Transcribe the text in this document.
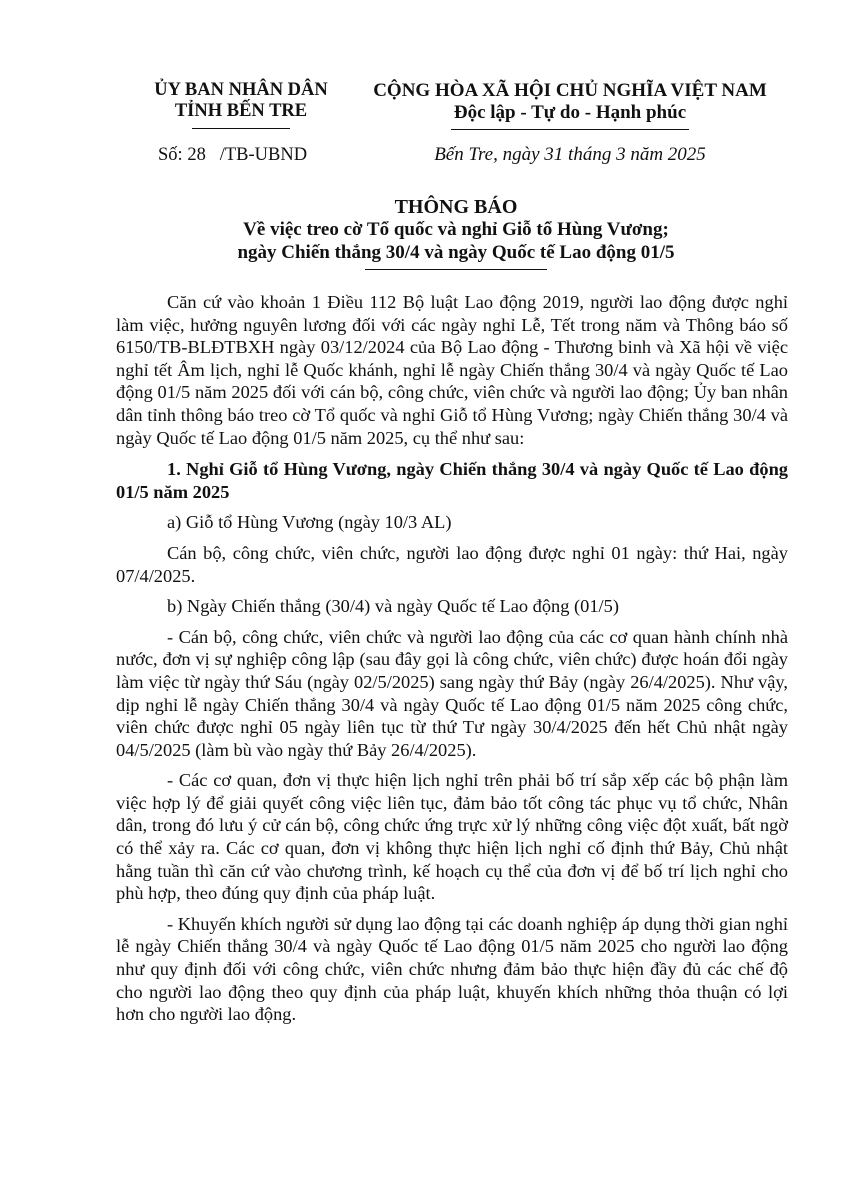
ỦY BAN NHÂN DÂN
TỈNH BẾN TRE
CỘNG HÒA XÃ HỘI CHỦ NGHĨA VIỆT NAM
Độc lập - Tự do - Hạnh phúc
Số: 28 /TB-UBND	Bến Tre, ngày 31 tháng 3 năm 2025
THÔNG BÁO
Về việc treo cờ Tổ quốc và nghỉ Giỗ tổ Hùng Vương;
ngày Chiến thắng 30/4 và ngày Quốc tế Lao động 01/5

Căn cứ vào khoản 1 Điều 112 Bộ luật Lao động 2019, người lao động được nghỉ làm việc, hưởng nguyên lương đối với các ngày nghỉ Lễ, Tết trong năm và Thông báo số 6150/TB-BLĐTBXH ngày 03/12/2024 của Bộ Lao động - Thương binh và Xã hội về việc nghỉ tết Âm lịch, nghỉ lễ Quốc khánh, nghỉ lễ ngày Chiến thắng 30/4 và ngày Quốc tế Lao động 01/5 năm 2025 đối với cán bộ, công chức, viên chức và người lao động; Ủy ban nhân dân tỉnh thông báo treo cờ Tổ quốc và nghỉ Giỗ tổ Hùng Vương; ngày Chiến thắng 30/4 và ngày Quốc tế Lao động 01/5 năm 2025, cụ thể như sau:

1. Nghỉ Giỗ tổ Hùng Vương, ngày Chiến thắng 30/4 và ngày Quốc tế Lao động 01/5 năm 2025

a) Giỗ tổ Hùng Vương (ngày 10/3 AL)

Cán bộ, công chức, viên chức, người lao động được nghỉ 01 ngày: thứ Hai, ngày 07/4/2025.

b) Ngày Chiến thắng (30/4) và ngày Quốc tế Lao động (01/5)

- Cán bộ, công chức, viên chức và người lao động của các cơ quan hành chính nhà nước, đơn vị sự nghiệp công lập (sau đây gọi là công chức, viên chức) được hoán đổi ngày làm việc từ ngày thứ Sáu (ngày 02/5/2025) sang ngày thứ Bảy (ngày 26/4/2025). Như vậy, dịp nghỉ lễ ngày Chiến thắng 30/4 và ngày Quốc tế Lao động 01/5 năm 2025 công chức, viên chức được nghỉ 05 ngày liên tục từ thứ Tư ngày 30/4/2025 đến hết Chủ nhật ngày 04/5/2025 (làm bù vào ngày thứ Bảy 26/4/2025).

- Các cơ quan, đơn vị thực hiện lịch nghỉ trên phải bố trí sắp xếp các bộ phận làm việc hợp lý để giải quyết công việc liên tục, đảm bảo tốt công tác phục vụ tổ chức, Nhân dân, trong đó lưu ý cử cán bộ, công chức ứng trực xử lý những công việc đột xuất, bất ngờ có thể xảy ra. Các cơ quan, đơn vị không thực hiện lịch nghỉ cố định thứ Bảy, Chủ nhật hằng tuần thì căn cứ vào chương trình, kế hoạch cụ thể của đơn vị để bố trí lịch nghỉ cho phù hợp, theo đúng quy định của pháp luật.

- Khuyến khích người sử dụng lao động tại các doanh nghiệp áp dụng thời gian nghỉ lễ ngày Chiến thắng 30/4 và ngày Quốc tế Lao động 01/5 năm 2025 cho người lao động như quy định đối với công chức, viên chức nhưng đảm bảo thực hiện đầy đủ các chế độ cho người lao động theo quy định của pháp luật, khuyến khích những thỏa thuận có lợi hơn cho người lao động.
